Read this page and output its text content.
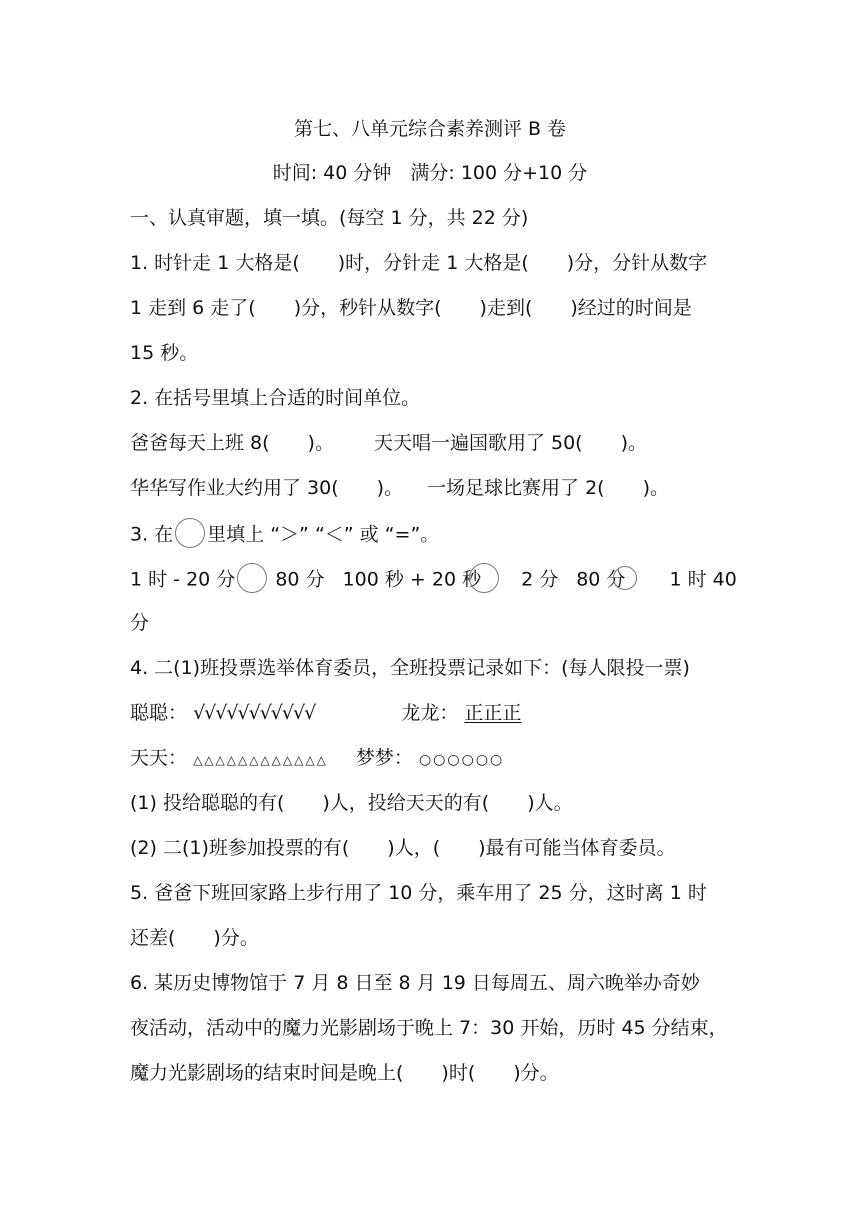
第七、八单元综合素养测评 B 卷
时间: 40 分钟　满分: 100 分+10 分
一、认真审题，填一填。(每空 1 分，共 22 分)
1. 时针走 1 大格是(　　)时，分针走 1 大格是(　　)分，分针从数字
1 走到 6 走了(　　)分，秒针从数字(　　)走到(　　)经过的时间是
15 秒。
2. 在括号里填上合适的时间单位。
爸爸每天上班 8(　　)。 天天唱一遍国歌用了 50(　　)。
华华写作业大约用了 30(　　)。 一场足球比赛用了 2(　　)。
3. 在 里填上 “＞” “＜” 或 “=”。
1 时 - 20 分 80 分 100 秒 + 20 秒 2 分 80 分 1 时 40
分
4. 二(1)班投票选举体育委员，全班投票记录如下：(每人限投一票)
聪聪： √√√√√√√√√√√	龙龙： 正正正
天天： △△△△△△△△△△△△ 梦梦： ○○○○○○
(1) 投给聪聪的有(　　)人，投给天天的有(　　)人。
(2) 二(1)班参加投票的有(　　)人，(　　)最有可能当体育委员。
5. 爸爸下班回家路上步行用了 10 分，乘车用了 25 分，这时离 1 时
还差(　　)分。
6. 某历史博物馆于 7 月 8 日至 8 月 19 日每周五、周六晚举办奇妙
夜活动，活动中的魔力光影剧场于晚上 7：30 开始，历时 45 分结束，
魔力光影剧场的结束时间是晚上(　　)时(　　)分。
